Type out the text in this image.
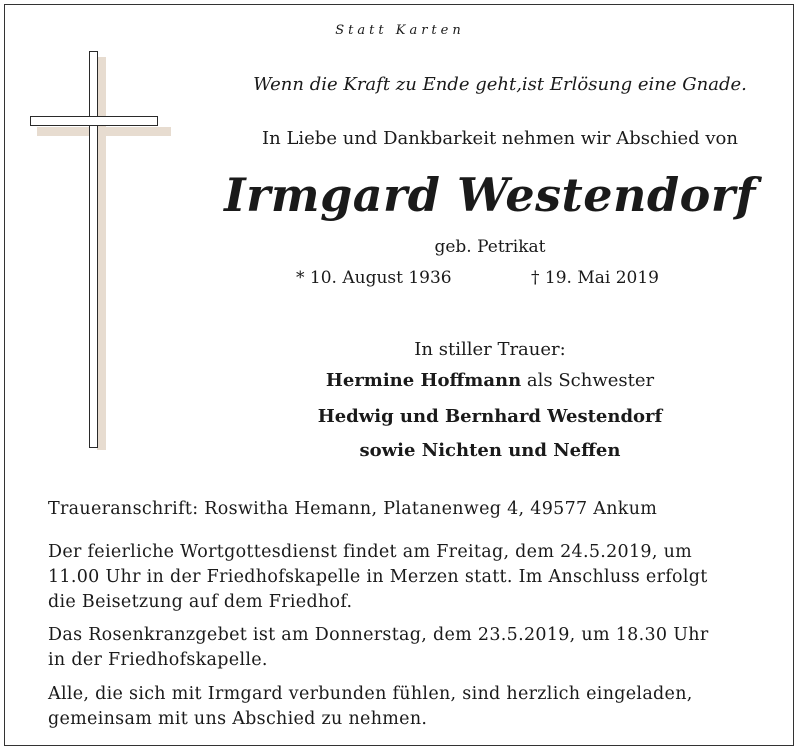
Statt Karten
Wenn die Kraft zu Ende geht,ist Erlösung eine Gnade.
In Liebe und Dankbarkeit nehmen wir Abschied von
Irmgard Westendorf
geb. Petrikat
* 10. August 1936	† 19. Mai 2019
In stiller Trauer:
Hermine Hoffmann als Schwester
Hedwig und Bernhard Westendorf
sowie Nichten und Neffen
Traueranschrift: Roswitha Hemann, Platanenweg 4, 49577 Ankum
Der feierliche Wortgottesdienst findet am Freitag, dem 24.5.2019, um
11.00 Uhr in der Friedhofskapelle in Merzen statt. Im Anschluss erfolgt
die Beisetzung auf dem Friedhof.
Das Rosenkranzgebet ist am Donnerstag, dem 23.5.2019, um 18.30 Uhr
in der Friedhofskapelle.
Alle, die sich mit Irmgard verbunden fühlen, sind herzlich eingeladen,
gemeinsam mit uns Abschied zu nehmen.
